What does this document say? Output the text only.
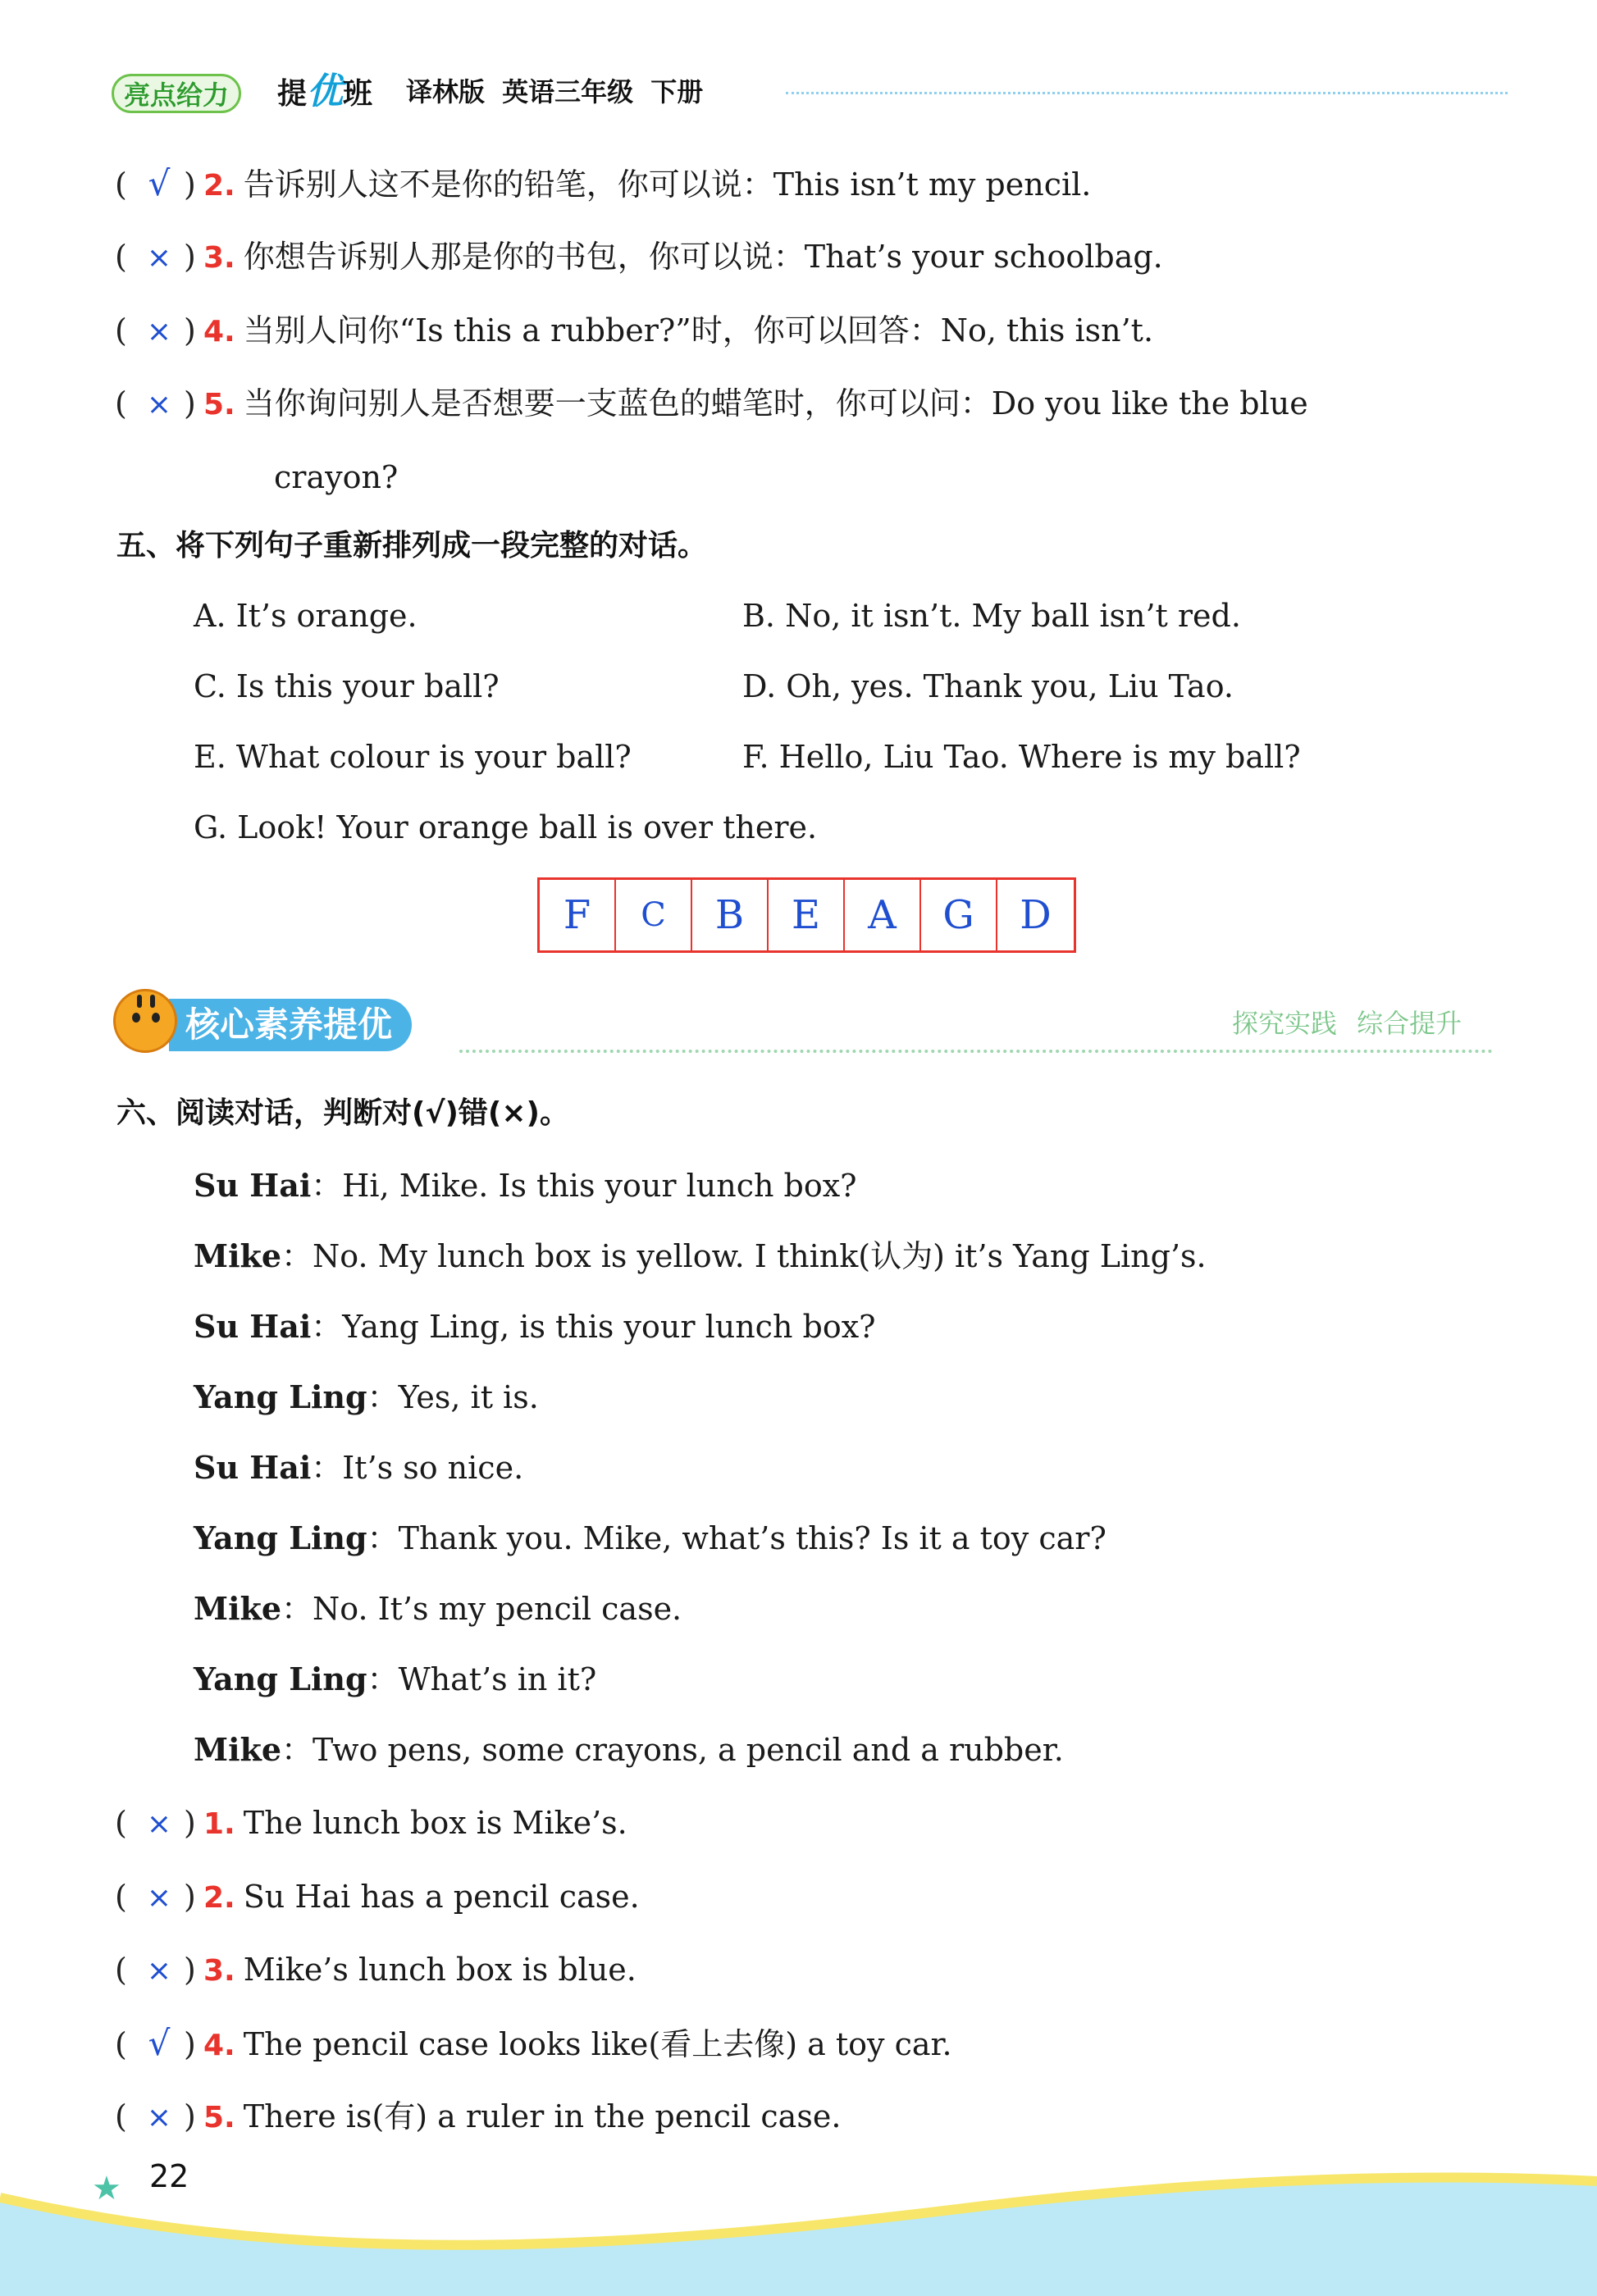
亮点给力	提优班 译林版 英语三年级 下册
( √ ) 2. 告诉别人这不是你的铅笔，你可以说：This isn’t my pencil.
( × ) 3. 你想告诉别人那是你的书包，你可以说：That’s your schoolbag.
( × ) 4. 当别人问你“Is this a rubber?”时，你可以回答：No, this isn’t.
( × ) 5. 当你询问别人是否想要一支蓝色的蜡笔时，你可以问：Do you like the blue
crayon?
五、将下列句子重新排列成一段完整的对话。
A. It’s orange.	B. No, it isn’t. My ball isn’t red.
C. Is this your ball?	D. Oh, yes. Thank you, Liu Tao.
E. What colour is your ball?	F. Hello, Liu Tao. Where is my ball?
G. Look! Your orange ball is over there.
F	C	B	E	A	G	D
核心素养提优	探究实践 综合提升
六、阅读对话，判断对(√)错(×)。
Su Hai：Hi, Mike. Is this your lunch box?
Mike：No. My lunch box is yellow. I think(认为) it’s Yang Ling’s.
Su Hai：Yang Ling, is this your lunch box?
Yang Ling：Yes, it is.
Su Hai：It’s so nice.
Yang Ling：Thank you. Mike, what’s this? Is it a toy car?
Mike：No. It’s my pencil case.
Yang Ling：What’s in it?
Mike：Two pens, some crayons, a pencil and a rubber.
( × ) 1. The lunch box is Mike’s.
( × ) 2. Su Hai has a pencil case.
( × ) 3. Mike’s lunch box is blue.
( √ ) 4. The pencil case looks like(看上去像) a toy car.
( × ) 5. There is(有) a ruler in the pencil case.
★ 22
